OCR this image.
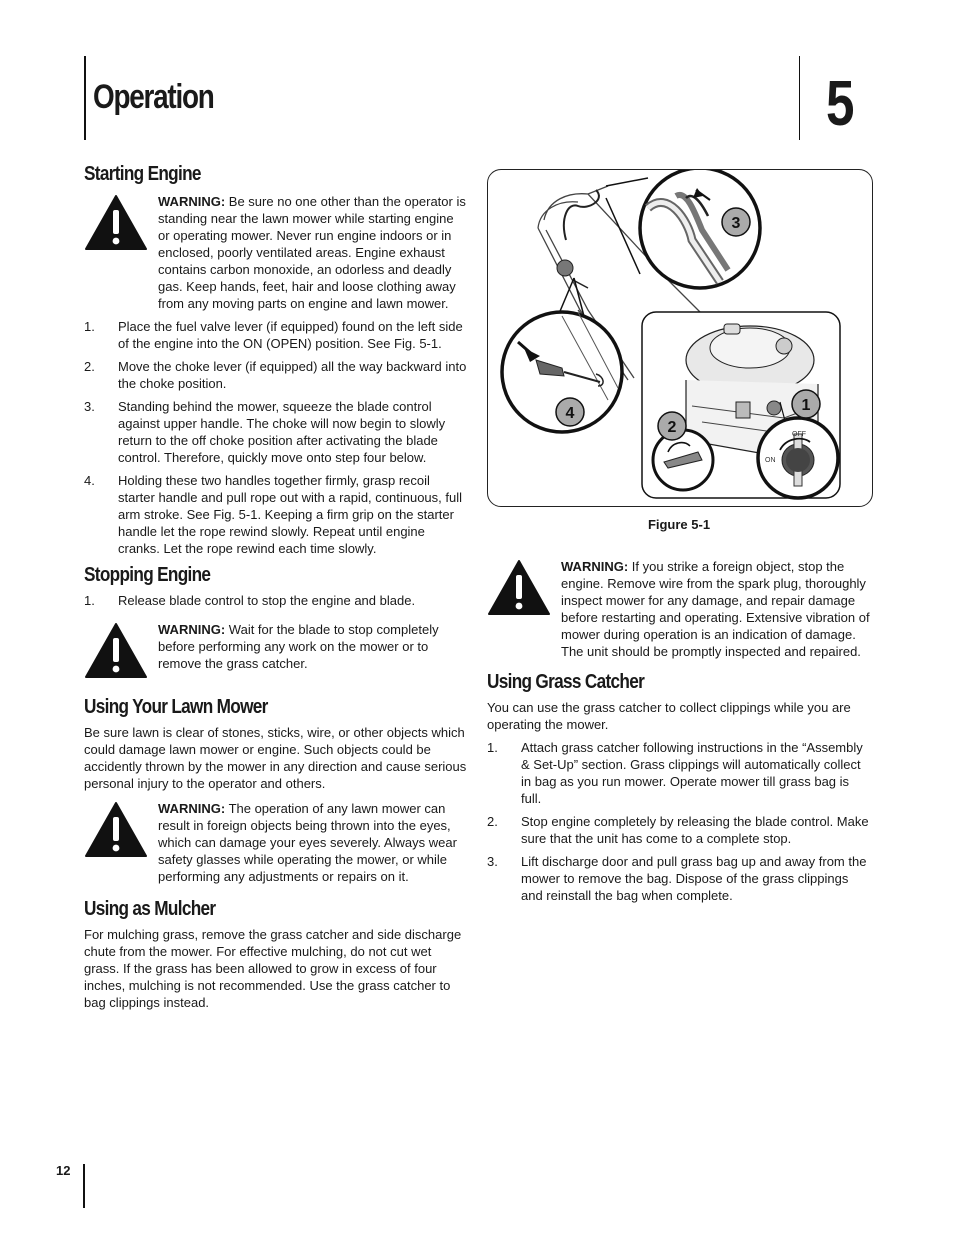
Operation	5
Starting Engine

WARNING: Be sure no one other than the operator is standing near the lawn mower while starting engine or operating mower. Never run engine indoors or in enclosed, poorly ventilated areas. Engine exhaust contains carbon monoxide, an odorless and deadly gas. Keep hands, feet, hair and loose clothing away from any moving parts on engine and lawn mower.

1.	Place the fuel valve lever (if equipped) found on the left side of the engine into the ON (OPEN) position. See Fig. 5-1.
2.	Move the choke lever (if equipped) all the way backward into the choke position.
3.	Standing behind the mower, squeeze the blade control against upper handle. The choke will now begin to slowly return to the off choke position after activating the blade control. Therefore, quickly move onto step four below.
4.	Holding these two handles together firmly, grasp recoil starter handle and pull rope out with a rapid, continuous, full arm stroke. See Fig. 5-1. Keeping a firm grip on the starter handle let the rope rewind slowly. Repeat until engine cranks. Let the rope rewind each time slowly.
Stopping Engine
1.	Release blade control to stop the engine and blade.

WARNING: Wait for the blade to stop completely before performing any work on the mower or to remove the grass catcher.

Using Your Lawn Mower

Be sure lawn is clear of stones, sticks, wire, or other objects which could damage lawn mower or engine. Such objects could be accidently thrown by the mower in any direction and cause serious personal injury to the operator and others.

WARNING: The operation of any lawn mower can result in foreign objects being thrown into the eyes, which can damage your eyes severely. Always wear safety glasses while operating the mower, or while performing any adjustments or repairs on it.

Using as Mulcher

For mulching grass, remove the grass catcher and side discharge chute from the mower. For effective mulching, do not cut wet grass. If the grass has been allowed to grow in excess of four inches, mulching is not recommended. Use the grass catcher to bag clippings instead.

OFF
ON
3
4
2
1
Figure 5-1

WARNING: If you strike a foreign object, stop the engine. Remove wire from the spark plug, thoroughly inspect mower for any damage, and repair damage before restarting and operating. Extensive vibration of mower during operation is an indication of damage. The unit should be promptly inspected and repaired.

Using Grass Catcher

You can use the grass catcher to collect clippings while you are operating the mower.

1.	Attach grass catcher following instructions in the “Assembly & Set-Up” section. Grass clippings will automatically collect in bag as you run mower. Operate mower till grass bag is full.
2.	Stop engine completely by releasing the blade control. Make sure that the unit has come to a complete stop.
3.	Lift discharge door and pull grass bag up and away from the mower to remove the bag. Dispose of the grass clippings and reinstall the bag when complete.
12
